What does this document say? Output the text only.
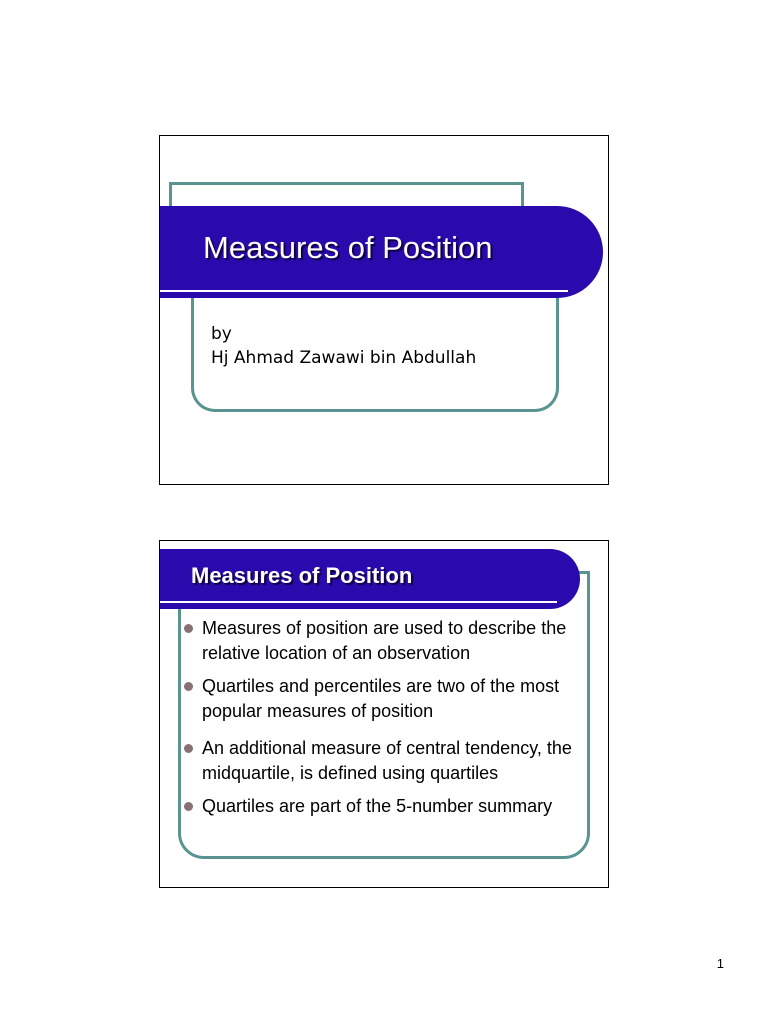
Measures of Position
by
Hj Ahmad Zawawi bin Abdullah
Measures of Position
Measures of position are used to describe the relative location of an observation
Quartiles and percentiles are two of the most popular measures of position
An additional measure of central tendency, the midquartile, is defined using quartiles
Quartiles are part of the 5-number summary
1
